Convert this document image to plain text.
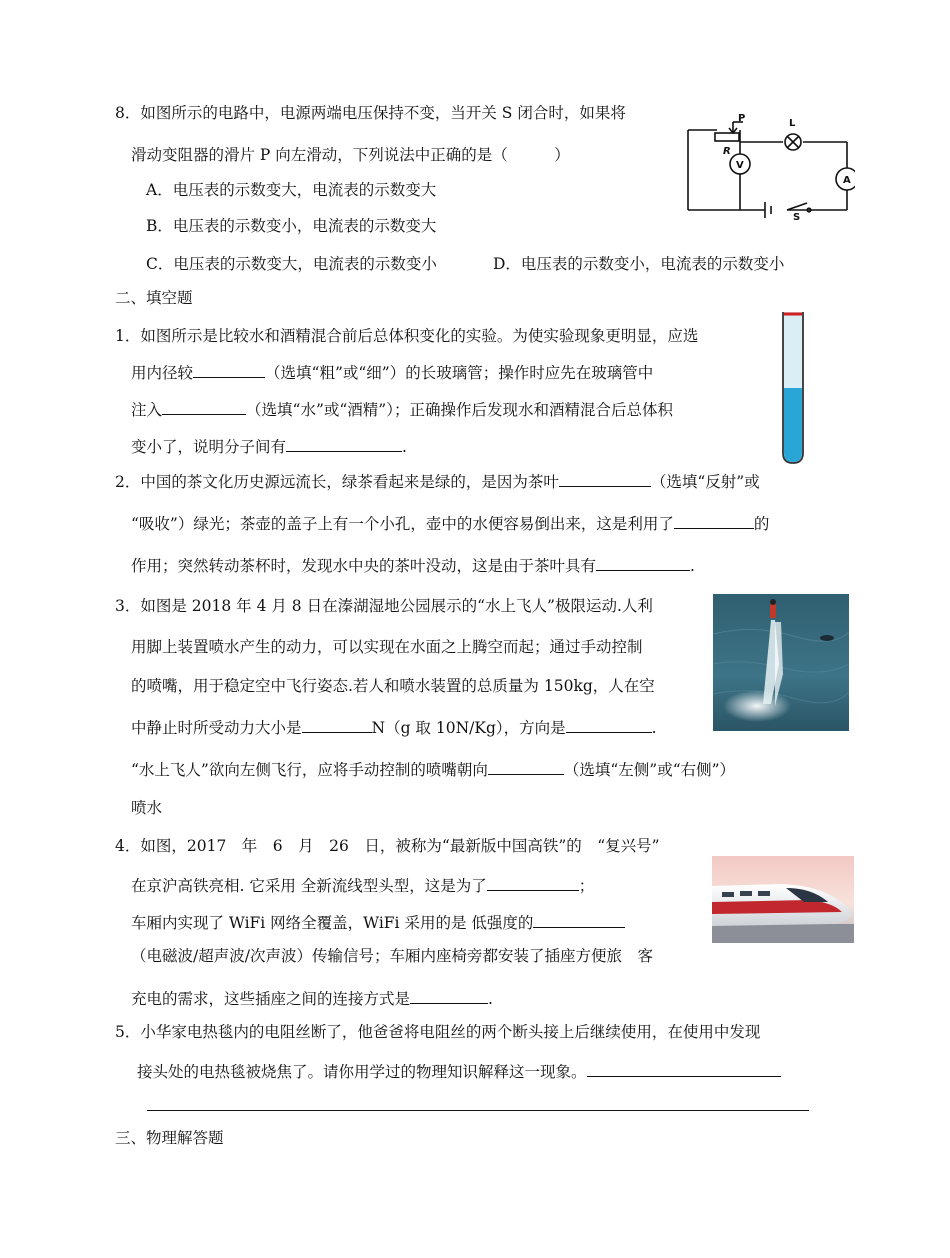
8．如图所示的电路中，电源两端电压保持不变，当开关 S 闭合时，如果将
滑动变阻器的滑片 P 向左滑动，下列说法中正确的是（　　　）
A．电压表的示数变大，电流表的示数变大
B．电压表的示数变小，电流表的示数变大
C．电压表的示数变大，电流表的示数变小	D．电压表的示数变小，电流表的示数变小
P
R
L
V
A
S
二、填空题
1．如图所示是比较水和酒精混合前后总体积变化的实验。为使实验现象更明显，应选
用内径较	（选填“粗”或“细”）的长玻璃管；操作时应先在玻璃管中
注入	（选填“水”或“酒精”）；正确操作后发现水和酒精混合后总体积
变小了，说明分子间有	.
2．中国的茶文化历史源远流长，绿茶看起来是绿的，是因为茶叶	（选填“反射”或
“吸收”）绿光；茶壶的盖子上有一个小孔，壶中的水便容易倒出来，这是利用了	的
作用；突然转动茶杯时，发现水中央的茶叶没动，这是由于茶叶具有	.
3．如图是 2018 年 4 月 8 日在溱湖湿地公园展示的“水上飞人”极限运动.人利
用脚上装置喷水产生的动力，可以实现在水面之上腾空而起；通过手动控制
的喷嘴，用于稳定空中飞行姿态.若人和喷水装置的总质量为 150kg，人在空
中静止时所受动力大小是	N（g 取 10N/Kg），方向是	.
“水上飞人”欲向左侧飞行，应将手动控制的喷嘴朝向	（选填“左侧”或“右侧”）
喷水
4．如图，2017　年　6　月　26　日，被称为“最新版中国高铁”的　“复兴号”
在京沪高铁亮相. 它采用 全新流线型头型，这是为了	；
车厢内实现了 WiFi 网络全覆盖，WiFi 采用的是 低强度的
（电磁波/超声波/次声波）传输信号；车厢内座椅旁都安装了插座方便旅　客
充电的需求，这些插座之间的连接方式是	.
5．小华家电热毯内的电阻丝断了，他爸爸将电阻丝的两个断头接上后继续使用，在使用中发现
接头处的电热毯被烧焦了。请你用学过的物理知识解释这一现象。
三、物理解答题
